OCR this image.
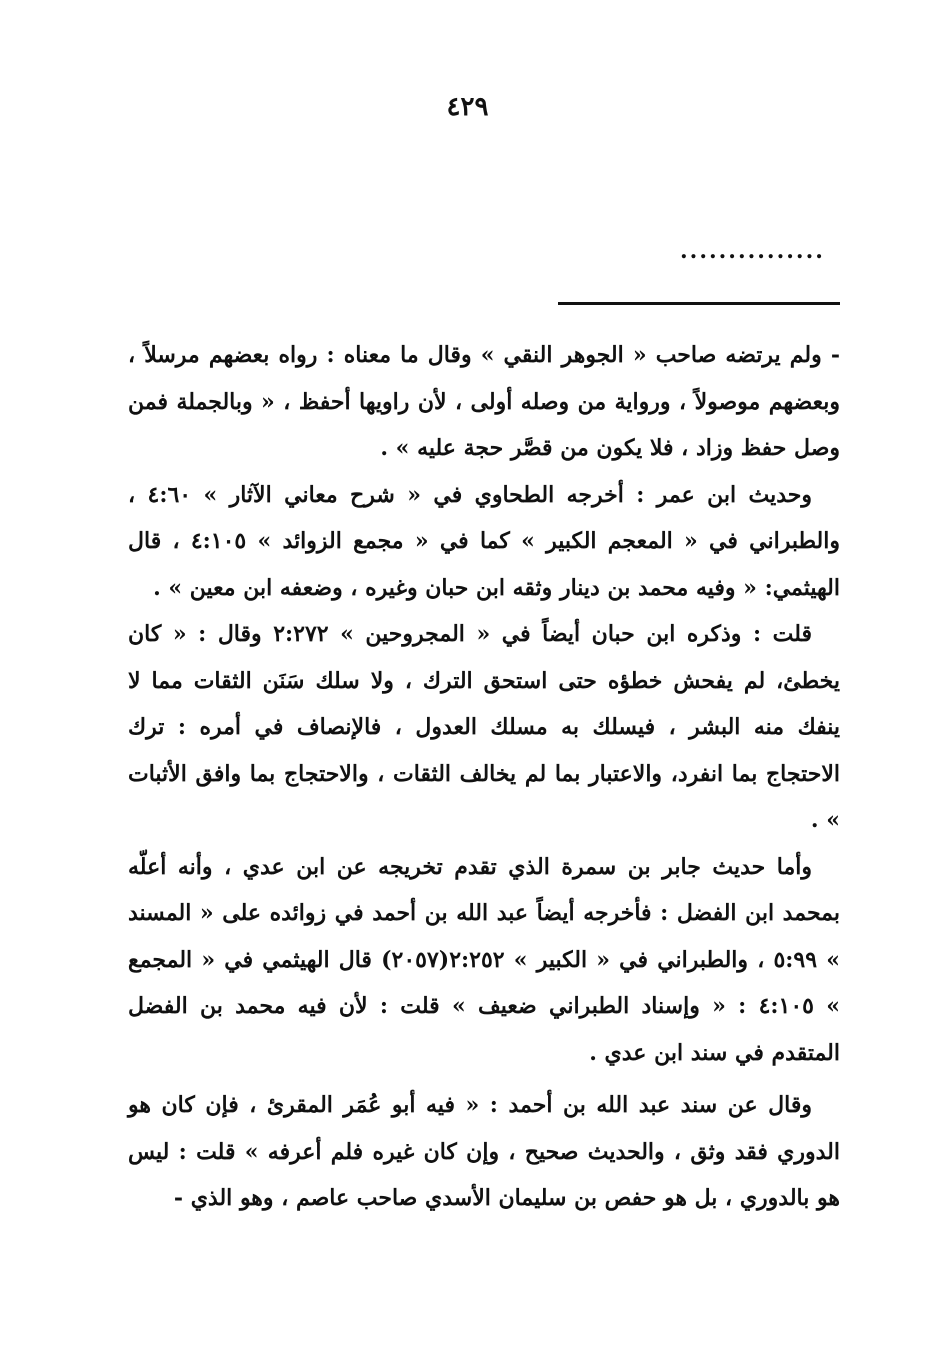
٤٢٩
...............

- ولم يرتضه صاحب « الجوهر النقي » وقال ما معناه : رواه بعضهم مرسلاً ، وبعضهم موصولاً ، ورواية من وصله أولى ، لأن راويها أحفظ ، « وبالجملة فمن وصل حفظ وزاد ، فلا يكون من قصَّر حجة عليه » .

وحديث ابن عمر : أخرجه الطحاوي في « شرح معاني الآثار » ٤:٦٠ ، والطبراني في « المعجم الكبير » كما في « مجمع الزوائد » ٤:١٠٥ ، قال الهيثمي: « وفيه محمد بن دينار وثقه ابن حبان وغيره ، وضعفه ابن معين » .

قلت : وذكره ابن حبان أيضاً في « المجروحين » ٢:٢٧٢ وقال : « كان يخطئ، لم يفحش خطؤه حتى استحق الترك ، ولا سلك سَنَن الثقات مما لا ينفك منه البشر ، فيسلك به مسلك العدول ، فالإنصاف في أمره : ترك الاحتجاج بما انفرد، والاعتبار بما لم يخالف الثقات ، والاحتجاج بما وافق الأثبات » .

وأما حديث جابر بن سمرة الذي تقدم تخريجه عن ابن عدي ، وأنه أعلّه بمحمد ابن الفضل : فأخرجه أيضاً عبد الله بن أحمد في زوائده على « المسند » ٥:٩٩ ، والطبراني في « الكبير » ٢:٢٥٢(٢٠٥٧) قال الهيثمي في « المجمع » ٤:١٠٥ : « وإسناد الطبراني ضعيف » قلت : لأن فيه محمد بن الفضل المتقدم في سند ابن عدي .

وقال عن سند عبد الله بن أحمد : « فيه أبو عُمَر المقرئ ، فإن كان هو الدوري فقد وثق ، والحديث صحيح ، وإن كان غيره فلم أعرفه » قلت : ليس هو بالدوري ، بل هو حفص بن سليمان الأسدي صاحب عاصم ، وهو الذي -
